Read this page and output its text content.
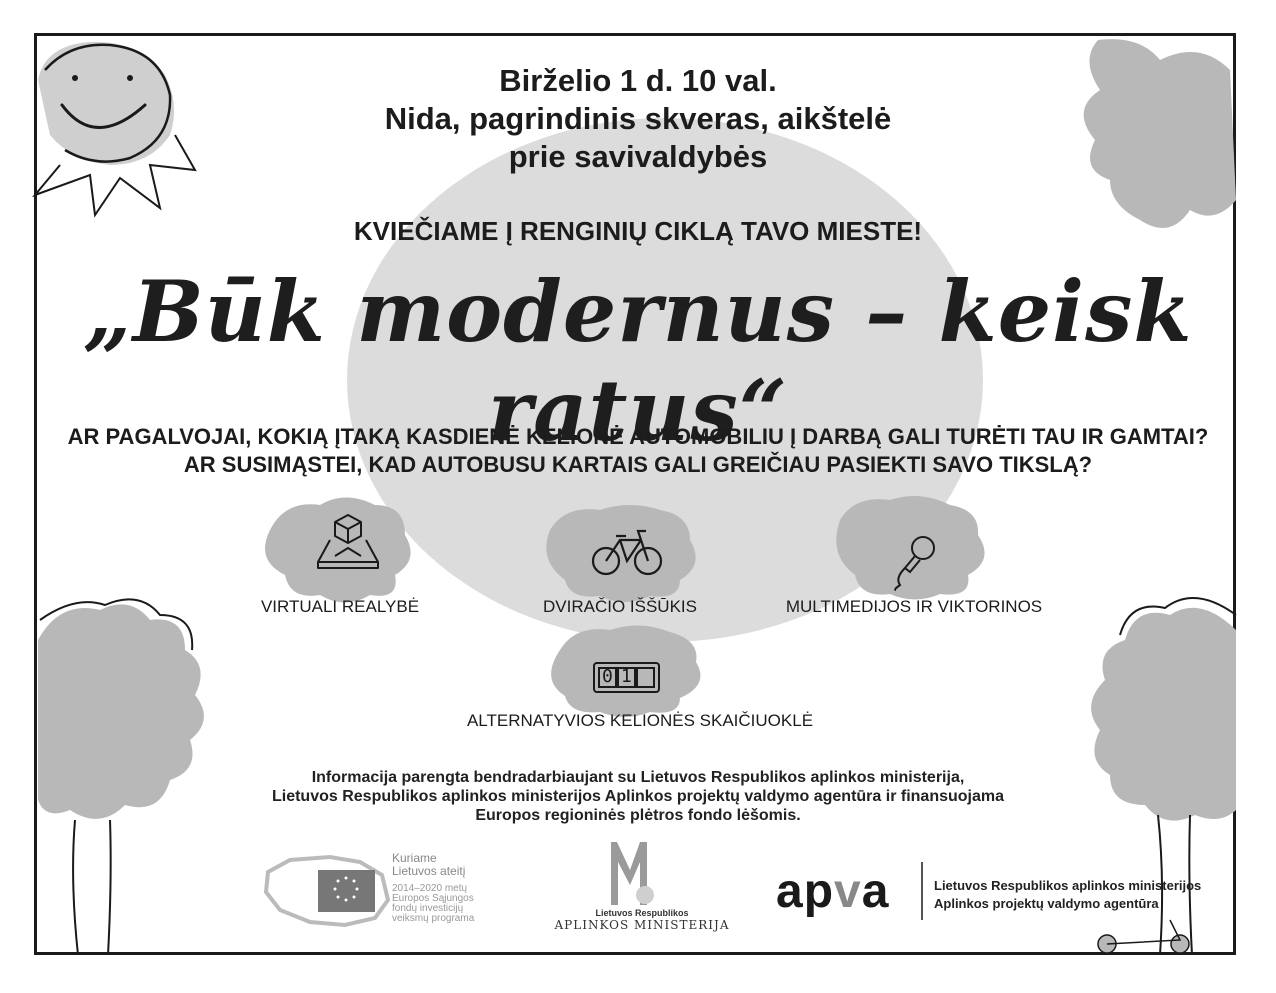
Birželio 1 d. 10 val.
Nida, pagrindinis skveras, aikštelė
prie savivaldybės
KVIEČIAME Į RENGINIŲ CIKLĄ TAVO MIESTE!
„Būk modernus – keisk ratus“
AR PAGALVOJAI, KOKIĄ ĮTAKĄ KASDIENĖ KELIONĖ AUTOMOBILIU Į DARBĄ GALI TURĖTI TAU IR GAMTAI?
AR SUSIMĄSTEI, KAD AUTOBUSU KARTAIS GALI GREIČIAU PASIEKTI SAVO TIKSLĄ?
VIRTUALI REALYBĖ	DVIRAČIO IŠŠŪKIS	MULTIMEDIJOS IR VIKTORINOS
ALTERNATYVIOS KELIONĖS SKAIČIUOKLĖ
01
Informacija parengta bendradarbiaujant su Lietuvos Respublikos aplinkos ministerija,
Lietuvos Respublikos aplinkos ministerijos Aplinkos projektų valdymo agentūra ir finansuojama
Europos regioninės plėtros fondo lėšomis.
Kuriame
Lietuvos ateitį
2014–2020 metų
Europos Sąjungos
fondų investicijų
veiksmų programa	Lietuvos Respublikos
APLINKOS MINISTERIJA
apva	Lietuvos Respublikos aplinkos ministerijos
Aplinkos projektų valdymo agentūra
